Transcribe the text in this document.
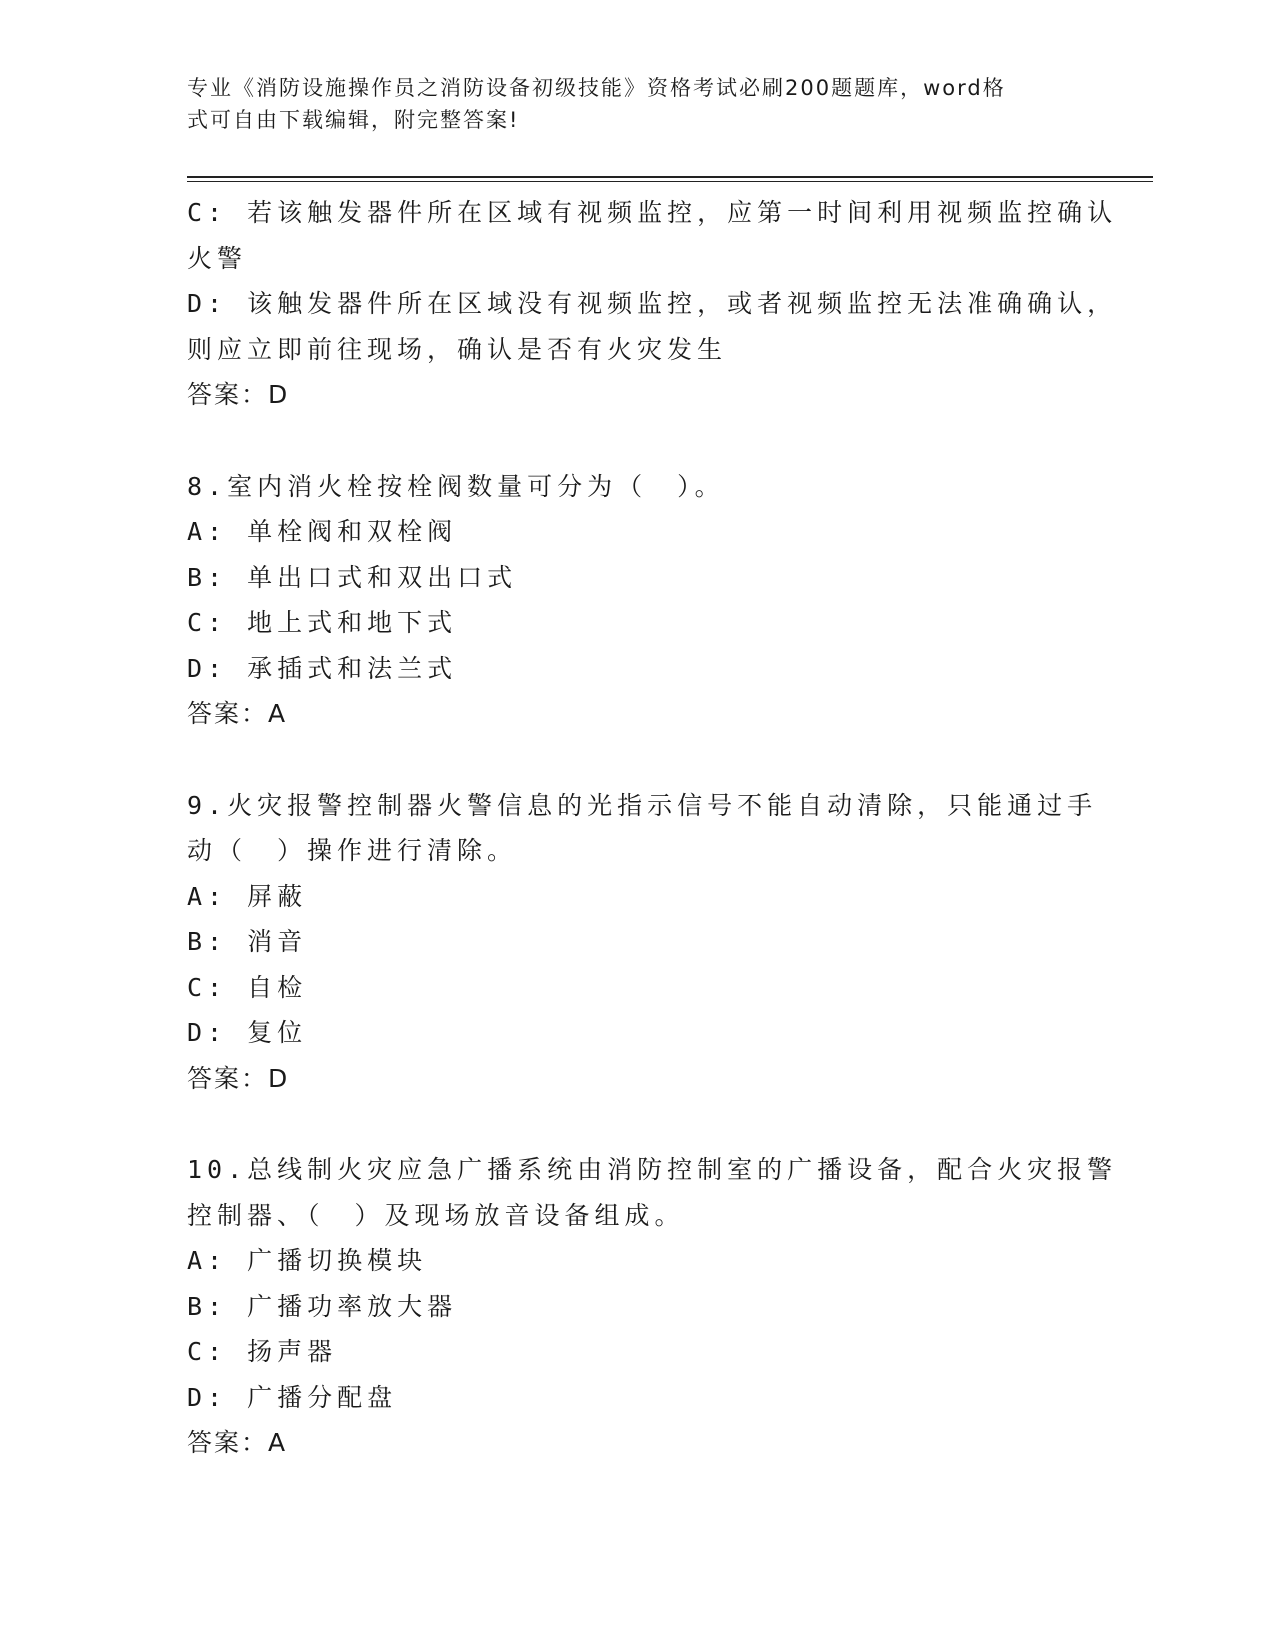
专业《消防设施操作员之消防设备初级技能》资格考试必刷200题题库，word格
式可自由下载编辑，附完整答案!
C: 若该触发器件所在区域有视频监控，应第一时间利用视频监控确认
火警
D: 该触发器件所在区域没有视频监控，或者视频监控无法准确确认，
则应立即前往现场，确认是否有火灾发生
答案：D
8.室内消火栓按栓阀数量可分为（　）。
A: 单栓阀和双栓阀
B: 单出口式和双出口式
C: 地上式和地下式
D: 承插式和法兰式
答案：A
9.火灾报警控制器火警信息的光指示信号不能自动清除，只能通过手
动（　）操作进行清除。
A: 屏蔽
B: 消音
C: 自检
D: 复位
答案：D
10.总线制火灾应急广播系统由消防控制室的广播设备，配合火灾报警
控制器、（　）及现场放音设备组成。
A: 广播切换模块
B: 广播功率放大器
C: 扬声器
D: 广播分配盘
答案：A
